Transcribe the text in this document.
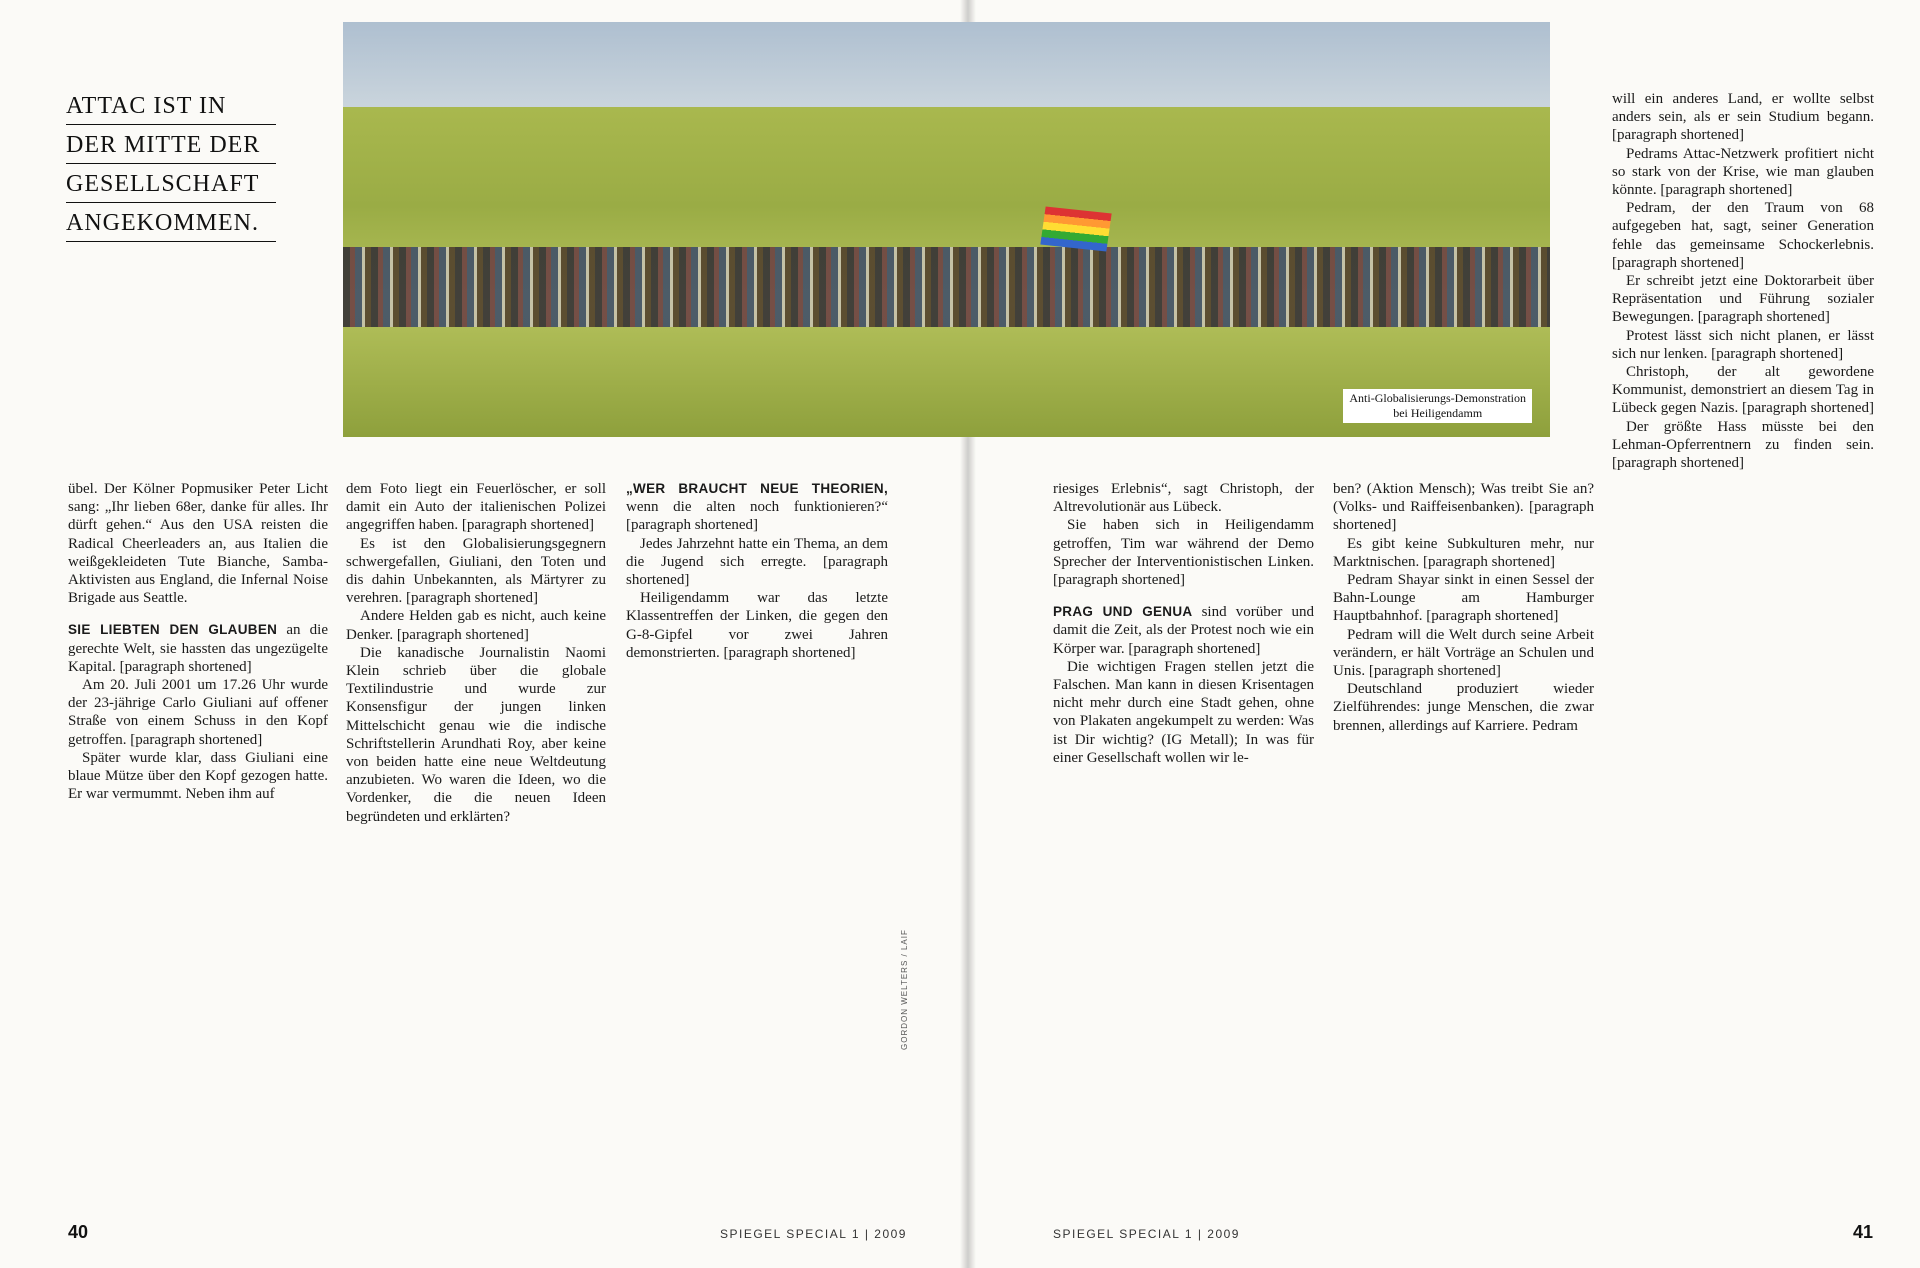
ATTAC IST IN
DER MITTE DER
GESELLSCHAFT
ANGEKOMMEN.
Anti-Globalisierungs-Demonstration
bei Heiligendamm

übel. Der Kölner Popmusiker Peter Licht sang: „Ihr lieben 68er, danke für alles. Ihr dürft gehen.“ Aus den USA reisten die Radical Cheerleaders an, aus Italien die weißgekleideten Tute Bianche, Samba-Aktivisten aus England, die Infernal Noise Brigade aus Seattle.

SIE LIEBTEN DEN GLAUBEN an die gerechte Welt, sie hassten das ungezügelte Kapital. [paragraph shortened]

Am 20. Juli 2001 um 17.26 Uhr wurde der 23-jährige Carlo Giuliani auf offener Straße von einem Schuss in den Kopf getroffen. [paragraph shortened]

Später wurde klar, dass Giuliani eine blaue Mütze über den Kopf gezogen hatte. Er war vermummt. Neben ihm auf

dem Foto liegt ein Feuerlöscher, er soll damit ein Auto der italienischen Polizei angegriffen haben. [paragraph shortened]

Es ist den Globalisierungsgegnern schwergefallen, Giuliani, den Toten und dis dahin Unbekannten, als Märtyrer zu verehren. [paragraph shortened]

Andere Helden gab es nicht, auch keine Denker. [paragraph shortened]

Die kanadische Journalistin Naomi Klein schrieb über die globale Textilindustrie und wurde zur Konsensfigur der jungen linken Mittelschicht genau wie die indische Schriftstellerin Arundhati Roy, aber keine von beiden hatte eine neue Weltdeutung anzubieten. Wo waren die Ideen, wo die Vordenker, die die neuen Ideen begründeten und erklärten?

„WER BRAUCHT NEUE THEORIEN, wenn die alten noch funktionieren?“ [paragraph shortened]

Jedes Jahrzehnt hatte ein Thema, an dem die Jugend sich erregte. [paragraph shortened]

Heiligendamm war das letzte Klassentreffen der Linken, die gegen den G-8-Gipfel vor zwei Jahren demonstrierten. [paragraph shortened]

riesiges Erlebnis“, sagt Christoph, der Altrevolutionär aus Lübeck.

Sie haben sich in Heiligendamm getroffen, Tim war während der Demo Sprecher der Interventionistischen Linken. [paragraph shortened]

PRAG UND GENUA sind vorüber und damit die Zeit, als der Protest noch wie ein Körper war. [paragraph shortened]

Die wichtigen Fragen stellen jetzt die Falschen. Man kann in diesen Krisentagen nicht mehr durch eine Stadt gehen, ohne von Plakaten angekumpelt zu werden: Was ist Dir wichtig? (IG Metall); In was für einer Gesellschaft wollen wir le-

ben? (Aktion Mensch); Was treibt Sie an? (Volks- und Raiffeisenbanken). [paragraph shortened]

Es gibt keine Subkulturen mehr, nur Marktnischen. [paragraph shortened]

Pedram Shayar sinkt in einen Sessel der Bahn-Lounge am Hamburger Hauptbahnhof. [paragraph shortened]

Pedram will die Welt durch seine Arbeit verändern, er hält Vorträge an Schulen und Unis. [paragraph shortened]

Deutschland produziert wieder Zielführendes: junge Menschen, die zwar brennen, allerdings auf Karriere. Pedram

will ein anderes Land, er wollte selbst anders sein, als er sein Studium begann. [paragraph shortened]

Pedrams Attac-Netzwerk profitiert nicht so stark von der Krise, wie man glauben könnte. [paragraph shortened]

Pedram, der den Traum von 68 aufgegeben hat, sagt, seiner Generation fehle das gemeinsame Schockerlebnis. [paragraph shortened]

Er schreibt jetzt eine Doktorarbeit über Repräsentation und Führung sozialer Bewegungen. [paragraph shortened]

Protest lässt sich nicht planen, er lässt sich nur lenken. [paragraph shortened]

Christoph, der alt gewordene Kommunist, demonstriert an diesem Tag in Lübeck gegen Nazis. [paragraph shortened]

Der größte Hass müsste bei den Lehman-Opferrentnern zu finden sein. [paragraph shortened]

GORDON WELTERS / LAIF
40	SPIEGEL SPECIAL 1 | 2009	SPIEGEL SPECIAL 1 | 2009	41
